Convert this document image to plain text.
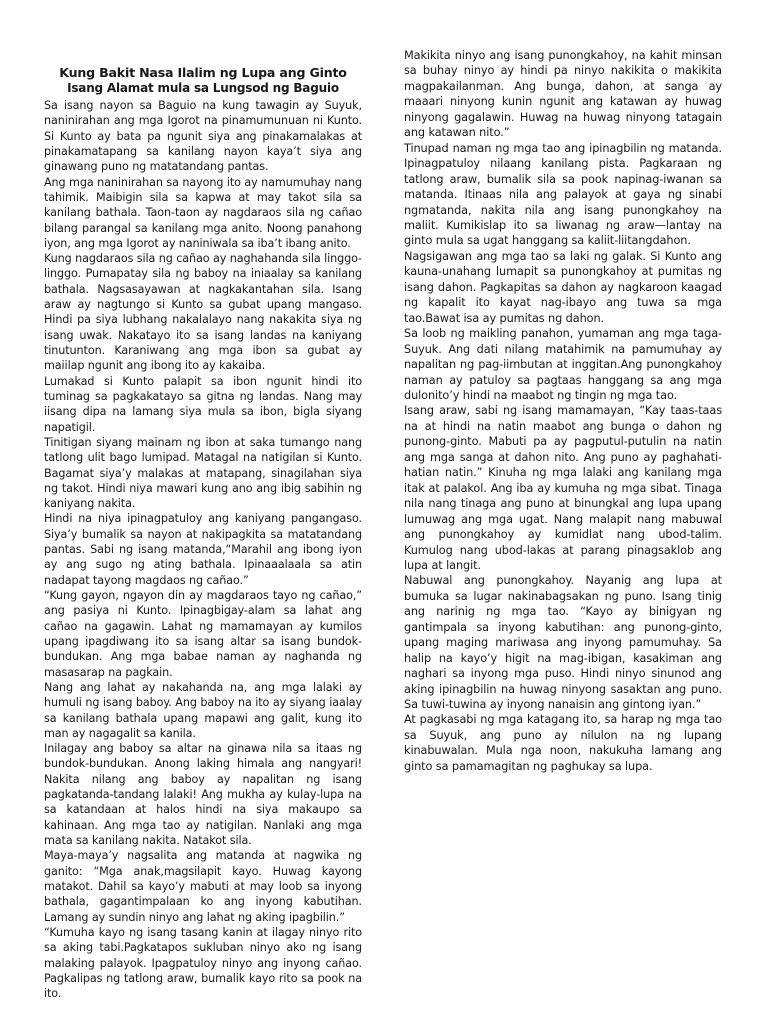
Kung Bakit Nasa Ilalim ng Lupa ang Ginto
Isang Alamat mula sa Lungsod ng Baguio

Sa isang nayon sa Baguio na kung tawagin ay Suyuk, naninirahan ang mga Igorot na pinamumunuan ni Kunto. Si Kunto ay bata pa ngunit siya ang pinakamalakas at pinakamatapang sa kanilang nayon kaya’t siya ang ginawang puno ng matatandang pantas.

Ang mga naninirahan sa nayong ito ay namumuhay nang tahimik. Maibigin sila sa kapwa at may takot sila sa kanilang bathala. Taon-taon ay nagdaraos sila ng cañao bilang parangal sa kanilang mga anito. Noong panahong iyon, ang mga Igorot ay naniniwala sa iba’t ibang anito.

Kung nagdaraos sila ng cañao ay naghahanda sila linggo-linggo. Pumapatay sila ng baboy na iniaalay sa kanilang bathala. Nagsasayawan at nagkakantahan sila. Isang araw ay nagtungo si Kunto sa gubat upang mangaso. Hindi pa siya lubhang nakalalayo nang nakakita siya ng isang uwak. Nakatayo ito sa isang landas na kaniyang tinutunton. Karaniwang ang mga ibon sa gubat ay maiilap ngunit ang ibong ito ay kakaiba.

Lumakad si Kunto palapit sa ibon ngunit hindi ito tuminag sa pagkakatayo sa gitna ng landas. Nang may iisang dipa na lamang siya mula sa ibon, bigla siyang napatigil.

Tinitigan siyang mainam ng ibon at saka tumango nang tatlong ulit bago lumipad. Matagal na natigilan si Kunto. Bagamat siya’y malakas at matapang, sinagilahan siya ng takot. Hindi niya mawari kung ano ang ibig sabihin ng kaniyang nakita.

Hindi na niya ipinagpatuloy ang kaniyang pangangaso. Siya’y bumalik sa nayon at nakipagkita sa matatandang pantas. Sabi ng isang matanda,“Marahil ang ibong iyon ay ang sugo ng ating bathala. Ipinaaalaala sa atin nadapat tayong magdaos ng cañao.”

“Kung gayon, ngayon din ay magdaraos tayo ng cañao,” ang pasiya ni Kunto. Ipinagbigay-alam sa lahat ang cañao na gagawin. Lahat ng mamamayan ay kumilos upang ipagdiwang ito sa isang altar sa isang bundok-bundukan. Ang mga babae naman ay naghanda ng masasarap na pagkain.

Nang ang lahat ay nakahanda na, ang mga lalaki ay humuli ng isang baboy. Ang baboy na ito ay siyang iaalay sa kanilang bathala upang mapawi ang galit, kung ito man ay nagagalit sa kanila.

Inilagay ang baboy sa altar na ginawa nila sa itaas ng bundok-bundukan. Anong laking himala ang nangyari! Nakita nilang ang baboy ay napalitan ng isang pagkatanda-tandang lalaki! Ang mukha ay kulay-lupa na sa katandaan at halos hindi na siya makaupo sa kahinaan. Ang mga tao ay natigilan. Nanlaki ang mga mata sa kanilang nakita. Natakot sila.

Maya-maya’y nagsalita ang matanda at nagwika ng ganito: “Mga anak,magsilapit kayo. Huwag kayong matakot. Dahil sa kayo’y mabuti at may loob sa inyong bathala, gagantimpalaan ko ang inyong kabutihan. Lamang ay sundin ninyo ang lahat ng aking ipagbilin.”

“Kumuha kayo ng isang tasang kanin at ilagay ninyo rito sa aking tabi.Pagkatapos sukluban ninyo ako ng isang malaking palayok. Ipagpatuloy ninyo ang inyong cañao. Pagkalipas ng tatlong araw, bumalik kayo rito sa pook na ito.

Makikita ninyo ang isang punongkahoy, na kahit minsan sa buhay ninyo ay hindi pa ninyo nakikita o makikita magpakailanman. Ang bunga, dahon, at sanga ay maaari ninyong kunin ngunit ang katawan ay huwag ninyong gagalawin. Huwag na huwag ninyong tatagain ang katawan nito.”

Tinupad naman ng mga tao ang ipinagbilin ng matanda. Ipinagpatuloy nilaang kanilang pista. Pagkaraan ng tatlong araw, bumalik sila sa pook napinag-iwanan sa matanda. Itinaas nila ang palayok at gaya ng sinabi ngmatanda, nakita nila ang isang punongkahoy na maliit. Kumikislap ito sa liwanag ng araw—lantay na ginto mula sa ugat hanggang sa kaliit-liitangdahon.

Nagsigawan ang mga tao sa laki ng galak. Si Kunto ang kauna-unahang lumapit sa punongkahoy at pumitas ng isang dahon. Pagkapitas sa dahon ay nagkaroon kaagad ng kapalit ito kayat nag-ibayo ang tuwa sa mga tao.Bawat isa ay pumitas ng dahon.

Sa loob ng maikling panahon, yumaman ang mga taga-Suyuk. Ang dati nilang matahimik na pamumuhay ay napalitan ng pag-iimbutan at inggitan.Ang punongkahoy naman ay patuloy sa pagtaas hanggang sa ang mga dulonito’y hindi na maabot ng tingin ng mga tao.

Isang araw, sabi ng isang mamamayan, “Kay taas-taas na at hindi na natin maabot ang bunga o dahon ng punong-ginto. Mabuti pa ay pagputul-putulin na natin ang mga sanga at dahon nito. Ang puno ay paghahati-hatian natin.” Kinuha ng mga lalaki ang kanilang mga itak at palakol. Ang iba ay kumuha ng mga sibat. Tinaga nila nang tinaga ang puno at binungkal ang lupa upang lumuwag ang mga ugat. Nang malapit nang mabuwal ang punongkahoy ay kumidlat nang ubod-talim. Kumulog nang ubod-lakas at parang pinagsaklob ang lupa at langit.

Nabuwal ang punongkahoy. Nayanig ang lupa at bumuka sa lugar nakinabagsakan ng puno. Isang tinig ang narinig ng mga tao. “Kayo ay binigyan ng gantimpala sa inyong kabutihan: ang punong-ginto, upang maging mariwasa ang inyong pamumuhay. Sa halip na kayo’y higit na mag-ibigan, kasakiman ang naghari sa inyong mga puso. Hindi ninyo sinunod ang aking ipinagbilin na huwag ninyong sasaktan ang puno. Sa tuwi-tuwina ay inyong nanaisin ang gintong iyan.”

At pagkasabi ng mga katagang ito, sa harap ng mga tao sa Suyuk, ang puno ay nilulon na ng lupang kinabuwalan. Mula nga noon, nakukuha lamang ang ginto sa pamamagitan ng paghukay sa lupa.
